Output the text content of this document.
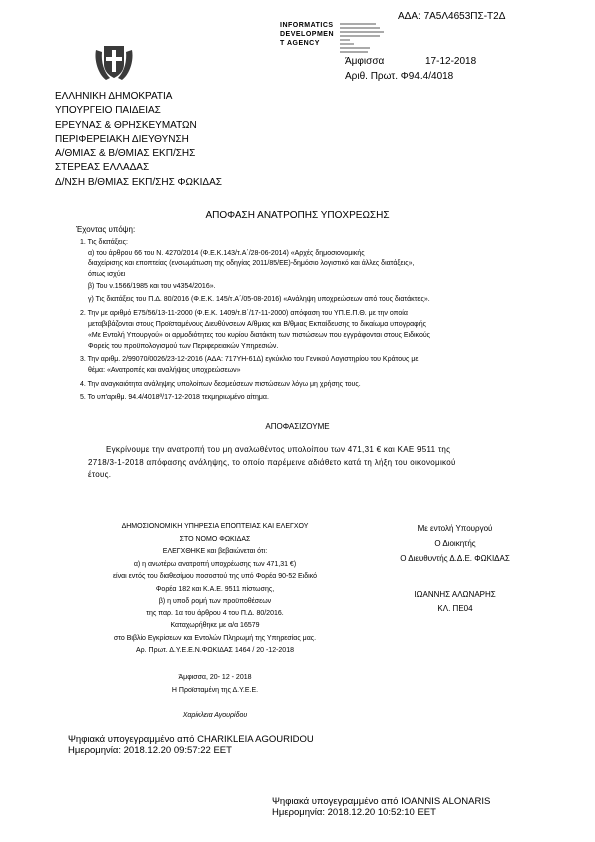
ΑΔΑ: 7Α5Λ4653ΠΣ-Τ2Δ
INFORMATICS
DEVELOPMEN
T AGENCY
Άμφισσα	17-12-2018
Αριθ. Πρωτ. Φ94.4/4018
ΕΛΛΗΝΙΚΗ ΔΗΜΟΚΡΑΤΙΑ
ΥΠΟΥΡΓΕΙΟ ΠΑΙΔΕΙΑΣ
ΕΡΕΥΝΑΣ & ΘΡΗΣΚΕΥΜΑΤΩΝ
ΠΕΡΙΦΕΡΕΙΑΚΗ ΔΙΕΥΘΥΝΣΗ
Α/ΘΜΙΑΣ & Β/ΘΜΙΑΣ ΕΚΠ/ΣΗΣ
ΣΤΕΡΕΑΣ ΕΛΛΑΔΑΣ
Δ/ΝΣΗ Β/ΘΜΙΑΣ ΕΚΠ/ΣΗΣ ΦΩΚΙΔΑΣ
ΑΠΟΦΑΣΗ ΑΝΑΤΡΟΠΗΣ ΥΠΟΧΡΕΩΣΗΣ
Έχοντας υπόψη:
1. Τις διατάξεις:
α) του άρθρου 66 του Ν. 4270/2014 (Φ.Ε.Κ.143/τ.Α΄/28-06-2014) «Αρχές δημοσιονομικής
διαχείρισης και εποπτείας (ενσωμάτωση της οδηγίας 2011/85/ΕΕ)-δημόσιο λογιστικό και άλλες διατάξεις»,
όπως ισχύει
β) Του ν.1566/1985 και του ν4354/2016».
γ) Τις διατάξεις του Π.Δ. 80/2016 (Φ.Ε.Κ. 145/τ.Α΄/05-08-2016) «Ανάληψη υποχρεώσεων από τους διατάκτες».
2. Την με αριθμό Ε75/56/13-11-2000 (Φ.Ε.Κ. 1409/τ.Β΄/17-11-2000) απόφαση του ΥΠ.Ε.Π.Θ. με την οποία
μεταβιβάζονται στους Προϊσταμένους Διευθύνσεων Α/θμιας και Β/θμιας Εκπαίδευσης το δικαίωμα υπογραφής
«Με Εντολή Υπουργού» οι αρμοδιότητες του κυρίου διατάκτη των πιστώσεων που εγγράφονται στους Ειδικούς
Φορείς του προϋπολογισμού των Περιφερειακών Υπηρεσιών.
3. Την αριθμ. 2/99070/0026/23-12-2016 (ΑΔΑ: 717ΥΗ-61Δ) εγκύκλιο του Γενικού Λογιστηρίου του Κράτους με
θέμα: «Ανατροπές και αναλήψεις υποχρεώσεων»
4. Την αναγκαιότητα ανάληψης υπολοίπων δεσμεύσεων πιστώσεων λόγω μη χρήσης τους.
5. Το υπ'αριθμ. 94.4/4018ª/17-12-2018 τεκμηριωμένο αίτημα.
ΑΠΟΦΑΣΙΖΟΥΜΕ
Εγκρίνουμε την ανατροπή του μη αναλωθέντος υπολοίπου των 471,31 € και ΚΑΕ 9511 της
2718/3-1-2018 απόφασης ανάληψης, το οποίο παρέμεινε αδιάθετο κατά τη λήξη του οικονομικού
έτους.
ΔΗΜΟΣΙΟΝΟΜΙΚΗ ΥΠΗΡΕΣΙΑ ΕΠΟΠΤΕΙΑΣ ΚΑΙ ΕΛΕΓΧΟΥ
ΣΤΟ ΝΟΜΟ ΦΩΚΙΔΑΣ
ΕΛΕΓΧΘΗΚΕ και βεβαιώνεται ότι:
α) η ανωτέρω ανατροπή υποχρέωσης των 471,31 €)
είναι εντός του διαθεσίμου ποσοστού της υπό Φορέα 90-52 Ειδικό
Φορέα 182 και Κ.Α.Ε. 9511 πίστωσης,
β) η υποδ ρομή των προϋποθέσεων
της παρ. 1α του άρθρου 4 του Π.Δ. 80/2016.
Καταχωρήθηκε με α/α 16579
στο Βιβλίο Εγκρίσεων και Εντολών Πληρωμή της Υπηρεσίας μας.
Αρ. Πρωτ. Δ.Υ.Ε.Ε.Ν.ΦΩΚΙΔΑΣ 1464 / 20 -12-2018
Άμφισσα, 20- 12 - 2018
Η Προϊσταμένη της Δ.Υ.Ε.Ε.
Χαρίκλεια Αγουρίδου
Με εντολή Υπουργού
Ο Διοικητής
Ο Διευθυντής Δ.Δ.Ε. ΦΩΚΙΔΑΣ
ΙΩΑΝΝΗΣ ΑΛΩΝΑΡΗΣ
ΚΛ. ΠΕ04
Ψηφιακά υπογεγραμμένο από CHARIKLEIA AGOURIDOU
Ημερομηνία: 2018.12.20 09:57:22 EET
Ψηφιακά υπογεγραμμένο από IOANNIS ALONARIS
Ημερομηνία: 2018.12.20 10:52:10 EET
